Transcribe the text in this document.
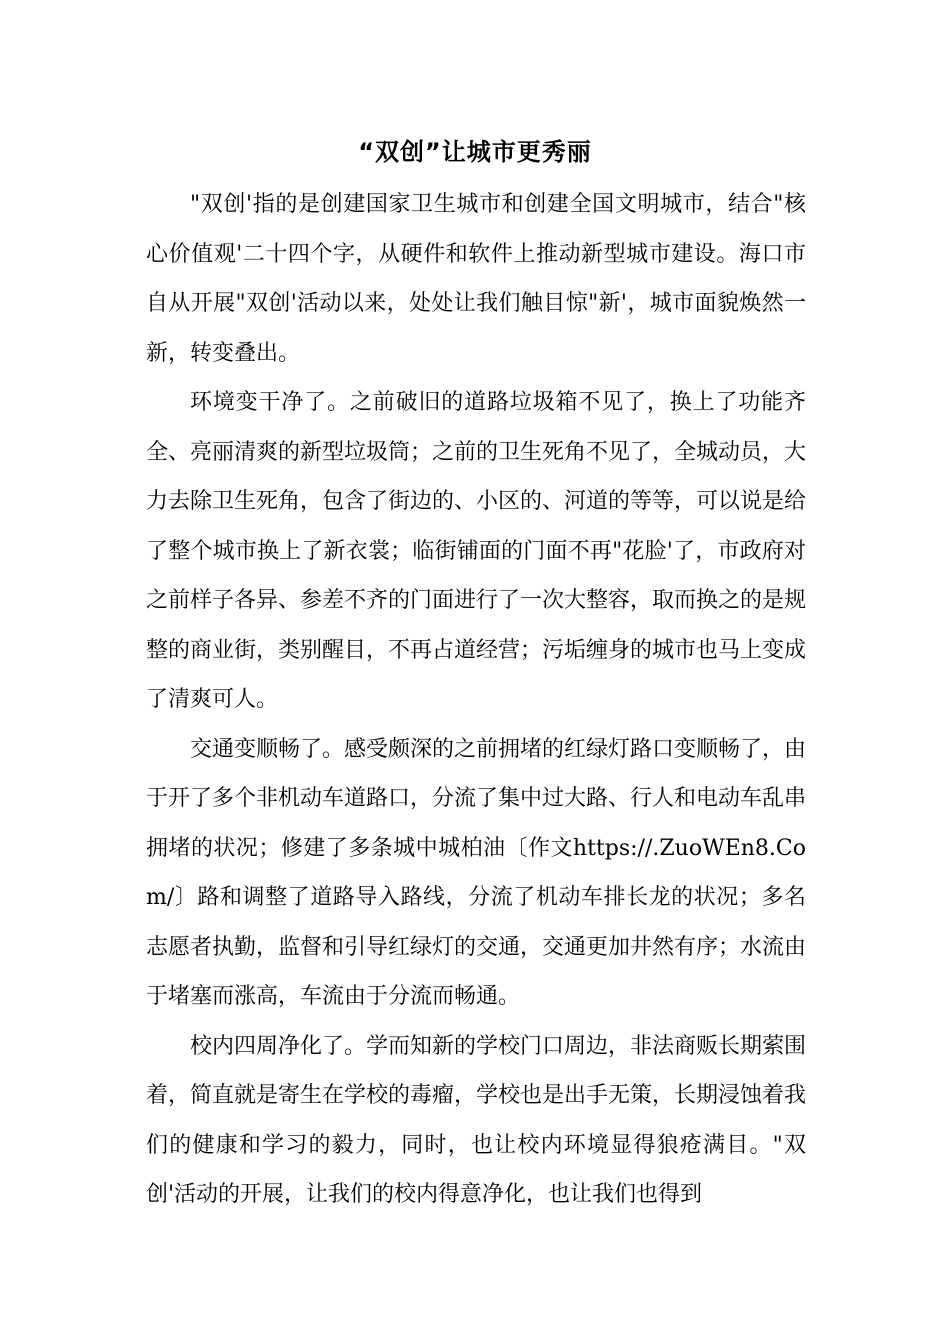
“双创”让城市更秀丽

"双创'指的是创建国家卫生城市和创建全国文明城市，结合"核心价值观'二十四个字，从硬件和软件上推动新型城市建设。海口市自从开展"双创'活动以来，处处让我们触目惊"新'，城市面貌焕然一新，转变叠出。

环境变干净了。之前破旧的道路垃圾箱不见了，换上了功能齐全、亮丽清爽的新型垃圾筒；之前的卫生死角不见了，全城动员，大力去除卫生死角，包含了街边的、小区的、河道的等等，可以说是给了整个城市换上了新衣裳；临街铺面的门面不再"花脸'了，市政府对之前样子各异、参差不齐的门面进行了一次大整容，取而换之的是规整的商业街，类别醒目，不再占道经营；污垢缠身的城市也马上变成了清爽可人。

交通变顺畅了。感受颇深的之前拥堵的红绿灯路口变顺畅了，由于开了多个非机动车道路口，分流了集中过大路、行人和电动车乱串拥堵的状况；修建了多条城中城柏油〔作文https://.ZuoWEn8.Com/〕路和调整了道路导入路线，分流了机动车排长龙的状况；多名志愿者执勤，监督和引导红绿灯的交通，交通更加井然有序；水流由于堵塞而涨高，车流由于分流而畅通。

校内四周净化了。学而知新的学校门口周边，非法商贩长期萦围着，简直就是寄生在学校的毒瘤，学校也是出手无策，长期浸蚀着我们的健康和学习的毅力，同时，也让校内环境显得狼疮满目。"双创'活动的开展，让我们的校内得意净化，也让我们也得到
